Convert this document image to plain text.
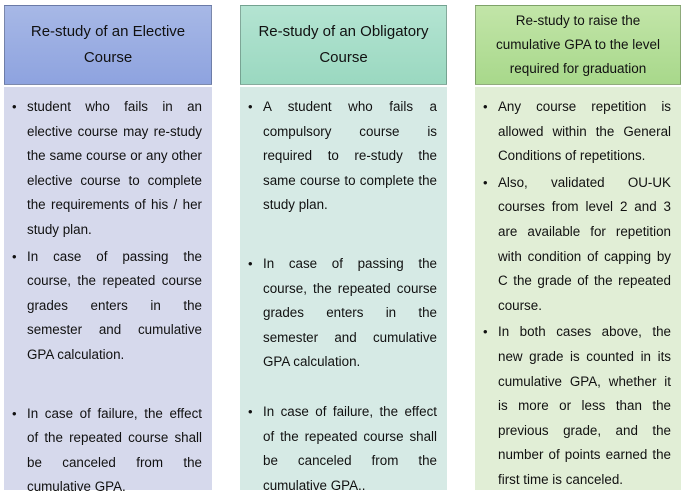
Re-study of an Elective Course
• student who fails in an elective course may re-study the same course or any other elective course to complete the requirements of his / her study plan.
• In case of passing the course, the repeated course grades enters in the semester and cumulative GPA calculation.
• In case of failure, the effect of the repeated course shall be canceled from the cumulative GPA.
Re-study of an Obligatory Course
• A student who fails a compulsory course is required to re-study the same course to complete the study plan.
• In case of passing the course, the repeated course grades enters in the semester and cumulative GPA calculation.
• In case of failure, the effect of the repeated course shall be canceled from the cumulative GPA..
Re-study to raise the cumulative GPA to the level required for graduation
• Any course repetition is allowed within the General Conditions of repetitions.
• Also, validated OU-UK courses from level 2 and 3 are available for repetition with condition of capping by C the grade of the repeated course.
• In both cases above, the new grade is counted in its cumulative GPA, whether it is more or less than the previous grade, and the number of points earned the first time is canceled.
